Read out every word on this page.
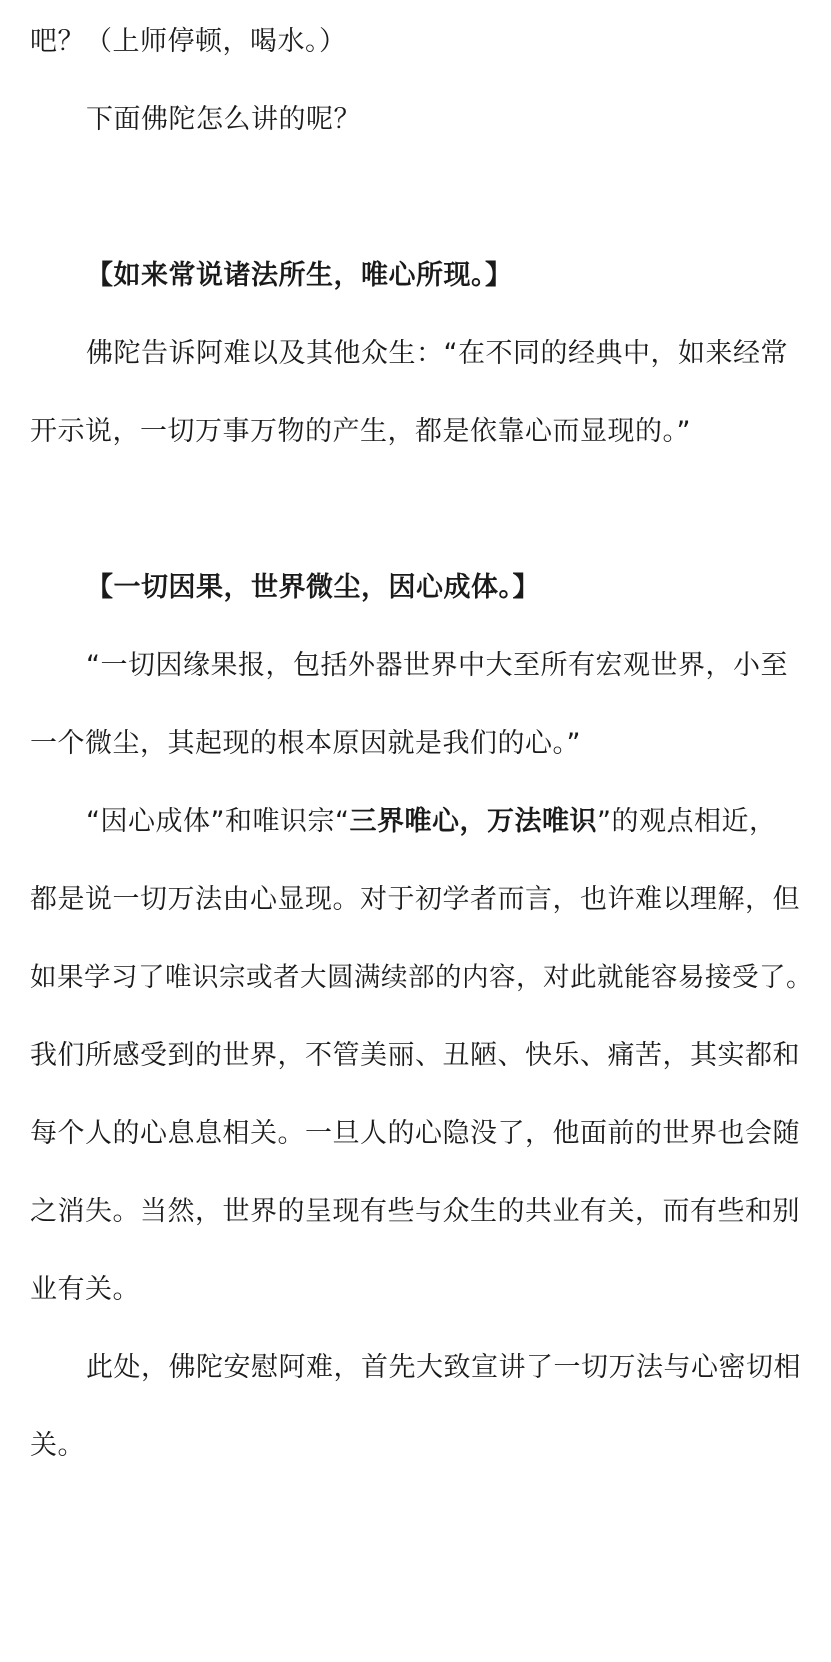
吧？（上师停顿，喝水。）
下面佛陀怎么讲的呢？
【如来常说诸法所生，唯心所现。】
佛陀告诉阿难以及其他众生：“在不同的经典中，如来经常
开示说，一切万事万物的产生，都是依靠心而显现的。”
【一切因果，世界微尘，因心成体。】
“一切因缘果报，包括外器世界中大至所有宏观世界，小至
一个微尘，其起现的根本原因就是我们的心。”
“因心成体”和唯识宗“三界唯心，万法唯识”的观点相近，
都是说一切万法由心显现。对于初学者而言，也许难以理解，但
如果学习了唯识宗或者大圆满续部的内容，对此就能容易接受了。
我们所感受到的世界，不管美丽、丑陋、快乐、痛苦，其实都和
每个人的心息息相关。一旦人的心隐没了，他面前的世界也会随
之消失。当然，世界的呈现有些与众生的共业有关，而有些和别
业有关。
此处，佛陀安慰阿难，首先大致宣讲了一切万法与心密切相
关。
